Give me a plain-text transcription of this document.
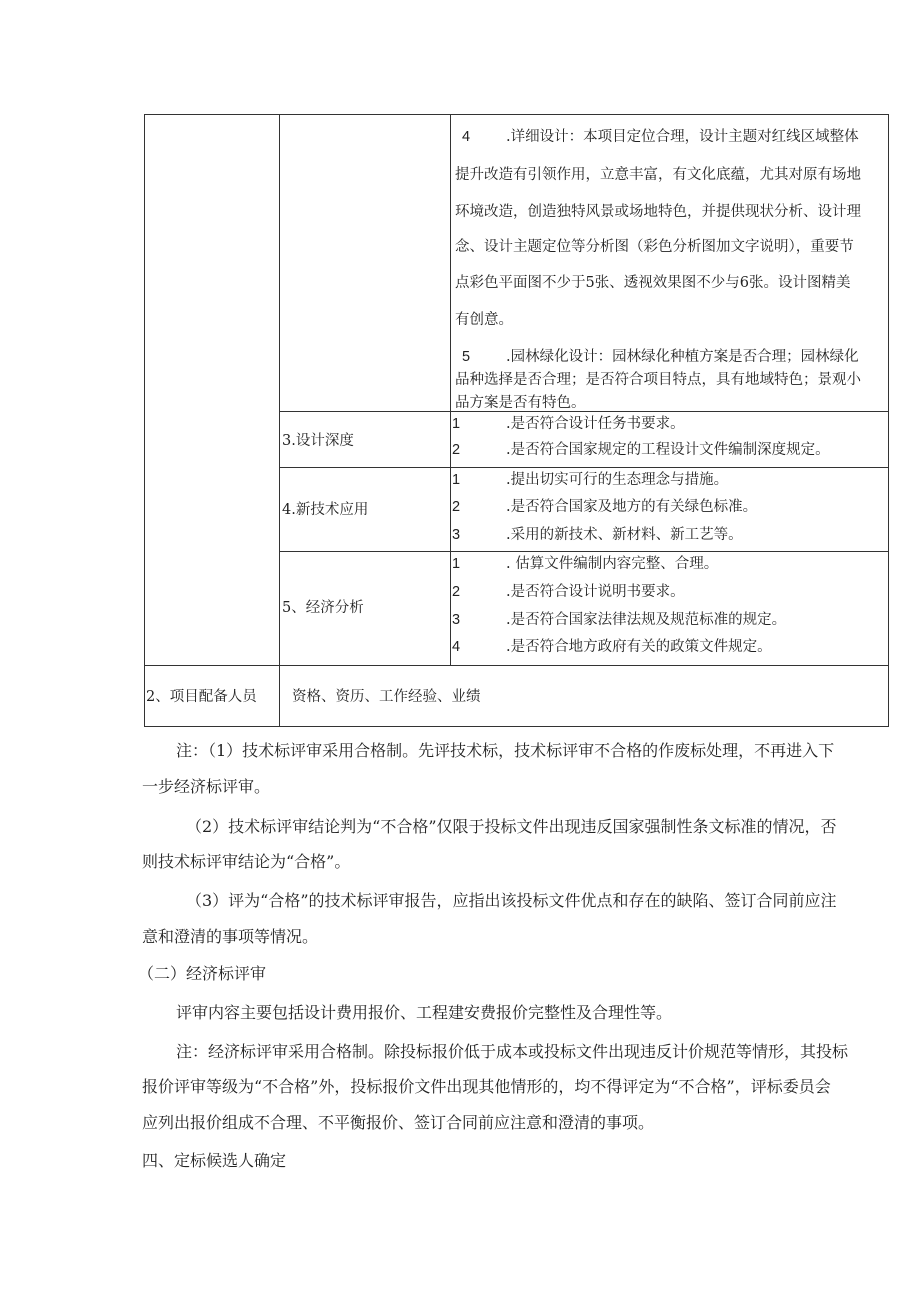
4 .详细设计：本项目定位合理，设计主题对红线区域整体
提升改造有引领作用，立意丰富，有文化底蕴，尤其对原有场地
环境改造，创造独特风景或场地特色，并提供现状分析、设计理
念、设计主题定位等分析图（彩色分析图加文字说明），重要节
点彩色平面图不少于5张、透视效果图不少与6张。设计图精美
有创意。
5 .园林绿化设计：园林绿化种植方案是否合理；园林绿化
品种选择是否合理；是否符合项目特点，具有地域特色；景观小
品方案是否有特色。
3.设计深度
1	.是否符合设计任务书要求。
2	.是否符合国家规定的工程设计文件编制深度规定。
4.新技术应用
1	.提出切实可行的生态理念与措施。
2	.是否符合国家及地方的有关绿色标准。
3	.采用的新技术、新材料、新工艺等。
5、经济分析
1	. 估算文件编制内容完整、合理。
2	.是否符合设计说明书要求。
3	.是否符合国家法律法规及规范标准的规定。
4	.是否符合地方政府有关的政策文件规定。
2、项目配备人员 资格、资历、工作经验、业绩
注：（1）技术标评审采用合格制。先评技术标，技术标评审不合格的作废标处理，不再进入下
一步经济标评审。
（2）技术标评审结论判为“不合格”仅限于投标文件出现违反国家强制性条文标准的情况，否
则技术标评审结论为“合格”。
（3）评为“合格”的技术标评审报告，应指出该投标文件优点和存在的缺陷、签订合同前应注
意和澄清的事项等情况。
（二）经济标评审
评审内容主要包括设计费用报价、工程建安费报价完整性及合理性等。
注：经济标评审采用合格制。除投标报价低于成本或投标文件出现违反计价规范等情形，其投标
报价评审等级为“不合格”外，投标报价文件出现其他情形的，均不得评定为“不合格”，评标委员会
应列出报价组成不合理、不平衡报价、签订合同前应注意和澄清的事项。
四、定标候选人确定
